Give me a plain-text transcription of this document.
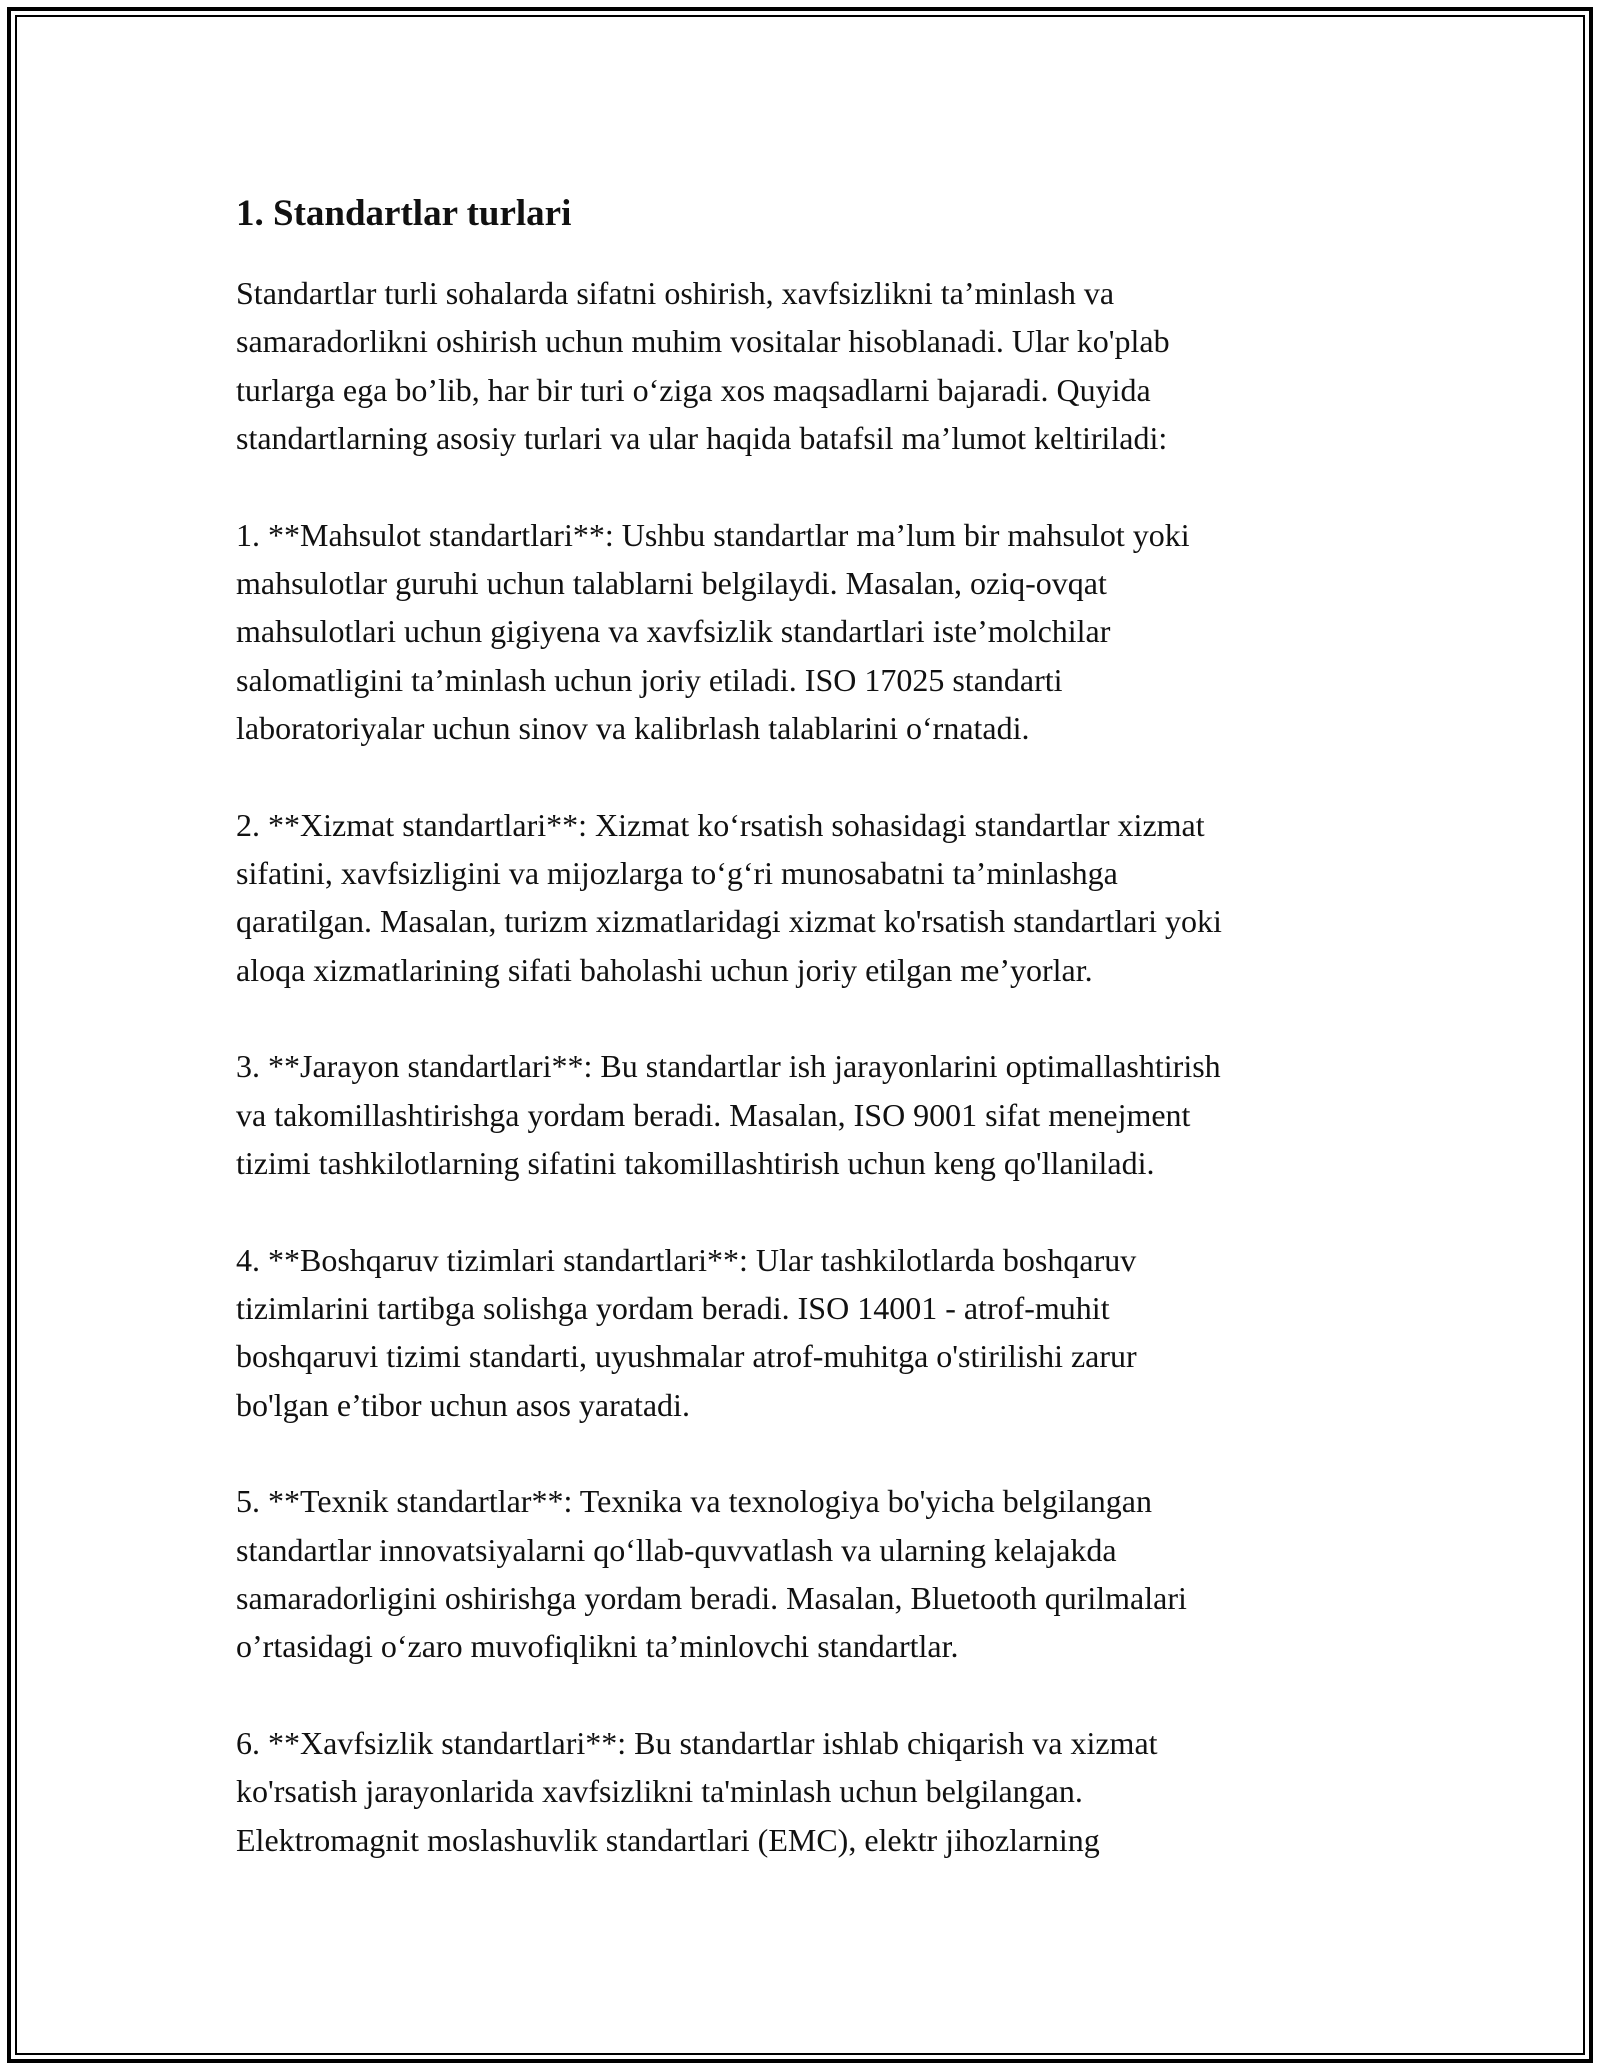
1. Standartlar turlari

Standartlar turli sohalarda sifatni oshirish, xavfsizlikni ta’minlash va
samaradorlikni oshirish uchun muhim vositalar hisoblanadi. Ular ko'plab
turlarga ega bo’lib, har bir turi o‘ziga xos maqsadlarni bajaradi. Quyida
standartlarning asosiy turlari va ular haqida batafsil ma’lumot keltiriladi:

1. **Mahsulot standartlari**: Ushbu standartlar ma’lum bir mahsulot yoki
mahsulotlar guruhi uchun talablarni belgilaydi. Masalan, oziq-ovqat
mahsulotlari uchun gigiyena va xavfsizlik standartlari iste’molchilar
salomatligini ta’minlash uchun joriy etiladi. ISO 17025 standarti
laboratoriyalar uchun sinov va kalibrlash talablarini o‘rnatadi.

2. **Xizmat standartlari**: Xizmat ko‘rsatish sohasidagi standartlar xizmat
sifatini, xavfsizligini va mijozlarga to‘g‘ri munosabatni ta’minlashga
qaratilgan. Masalan, turizm xizmatlaridagi xizmat ko'rsatish standartlari yoki
aloqa xizmatlarining sifati baholashi uchun joriy etilgan me’yorlar.

3. **Jarayon standartlari**: Bu standartlar ish jarayonlarini optimallashtirish
va takomillashtirishga yordam beradi. Masalan, ISO 9001 sifat menejment
tizimi tashkilotlarning sifatini takomillashtirish uchun keng qo'llaniladi.

4. **Boshqaruv tizimlari standartlari**: Ular tashkilotlarda boshqaruv
tizimlarini tartibga solishga yordam beradi. ISO 14001 - atrof-muhit
boshqaruvi tizimi standarti, uyushmalar atrof-muhitga o'stirilishi zarur
bo'lgan e’tibor uchun asos yaratadi.

5. **Texnik standartlar**: Texnika va texnologiya bo'yicha belgilangan
standartlar innovatsiyalarni qo‘llab-quvvatlash va ularning kelajakda
samaradorligini oshirishga yordam beradi. Masalan, Bluetooth qurilmalari
o’rtasidagi o‘zaro muvofiqlikni ta’minlovchi standartlar.

6. **Xavfsizlik standartlari**: Bu standartlar ishlab chiqarish va xizmat
ko'rsatish jarayonlarida xavfsizlikni ta'minlash uchun belgilangan.
Elektromagnit moslashuvlik standartlari (EMC), elektr jihozlarning
